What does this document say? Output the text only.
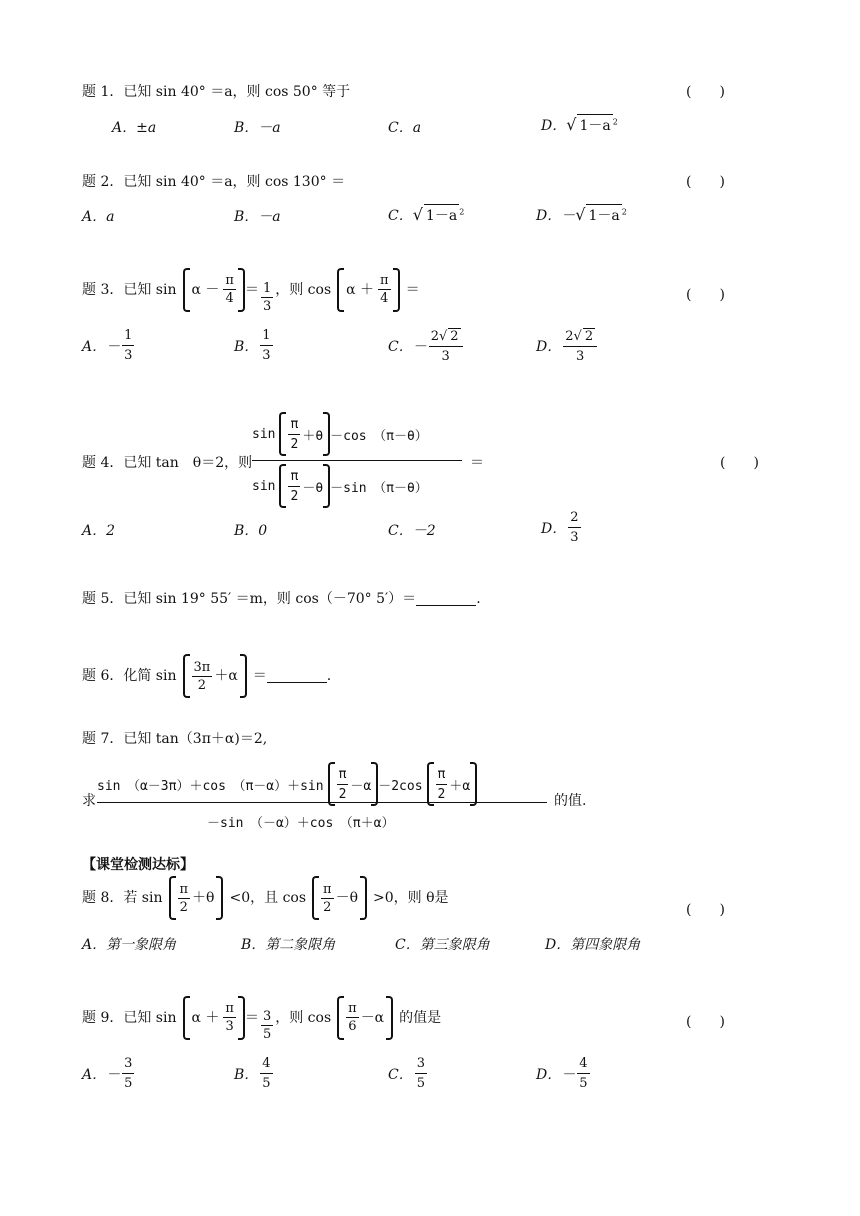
题 1．已知 sin 40° ＝a，则 cos 50° 等于	(　　)
A．±a	B．－a	C．a	D．√ 1－a $^2$
题 2．已知 sin 40° ＝a，则 cos 130° ＝	(　　)
A．a	B．－a	C．√ 1－a $^2$	D．－√ 1－a $^2$
题 3． 已知 $\sin \alpha - \frac{\pi}{4} = \frac{1}{3}$ ，则 $\cos \alpha + \frac{\pi}{4}$ ＝	(　　)
A．－ $\frac{1}{3}$	B． $\frac{1}{3}$	C．－ $\frac{2√ 2}{3}$	D． $\frac{2√ 2}{3}$
题 4．已知 tan　θ＝2，则
$\sin \frac{\pi}{2} +\theta -\cos$　（π－θ）
$\sin \frac{\pi}{2} -\theta -\sin$　（π－θ）
＝	(　　)
A．2	B．0	C．－2	D． $\frac{2}{3}$
题 5．已知 sin 19° 55′ ＝m，则 cos（－70° 5′）＝	.
题 6． 化简 $\sin \frac{3\pi}{2} +\alpha$ ＝	.
题 7．已知 tan（3π＋α)＝2,
求
sin　（α－3π）＋cos　$(\pi-\alpha)+\sin \frac{\pi}{2} -\alpha -2\cos \frac{\pi}{2} +\alpha$
－sin　（－α）＋cos　（π＋α）
的值.
【课堂检测达标】
题 8． 若 $\sin \frac{\pi}{2} +\theta <0$，且 $\cos \frac{\pi}{2} -\theta >0$，则 θ是
(　　)
A．第一象限角	B．第二象限角	C．第三象限角	D．第四象限角
题 9． 已知 $\sin \alpha + \frac{\pi}{3} = \frac{3}{5}$ ，则 $\cos \frac{\pi}{6} -\alpha$ 的值是	(　　)
A．－ $\frac{3}{5}$	B． $\frac{4}{5}$	C． $\frac{3}{5}$	D．－ $\frac{4}{5}$
